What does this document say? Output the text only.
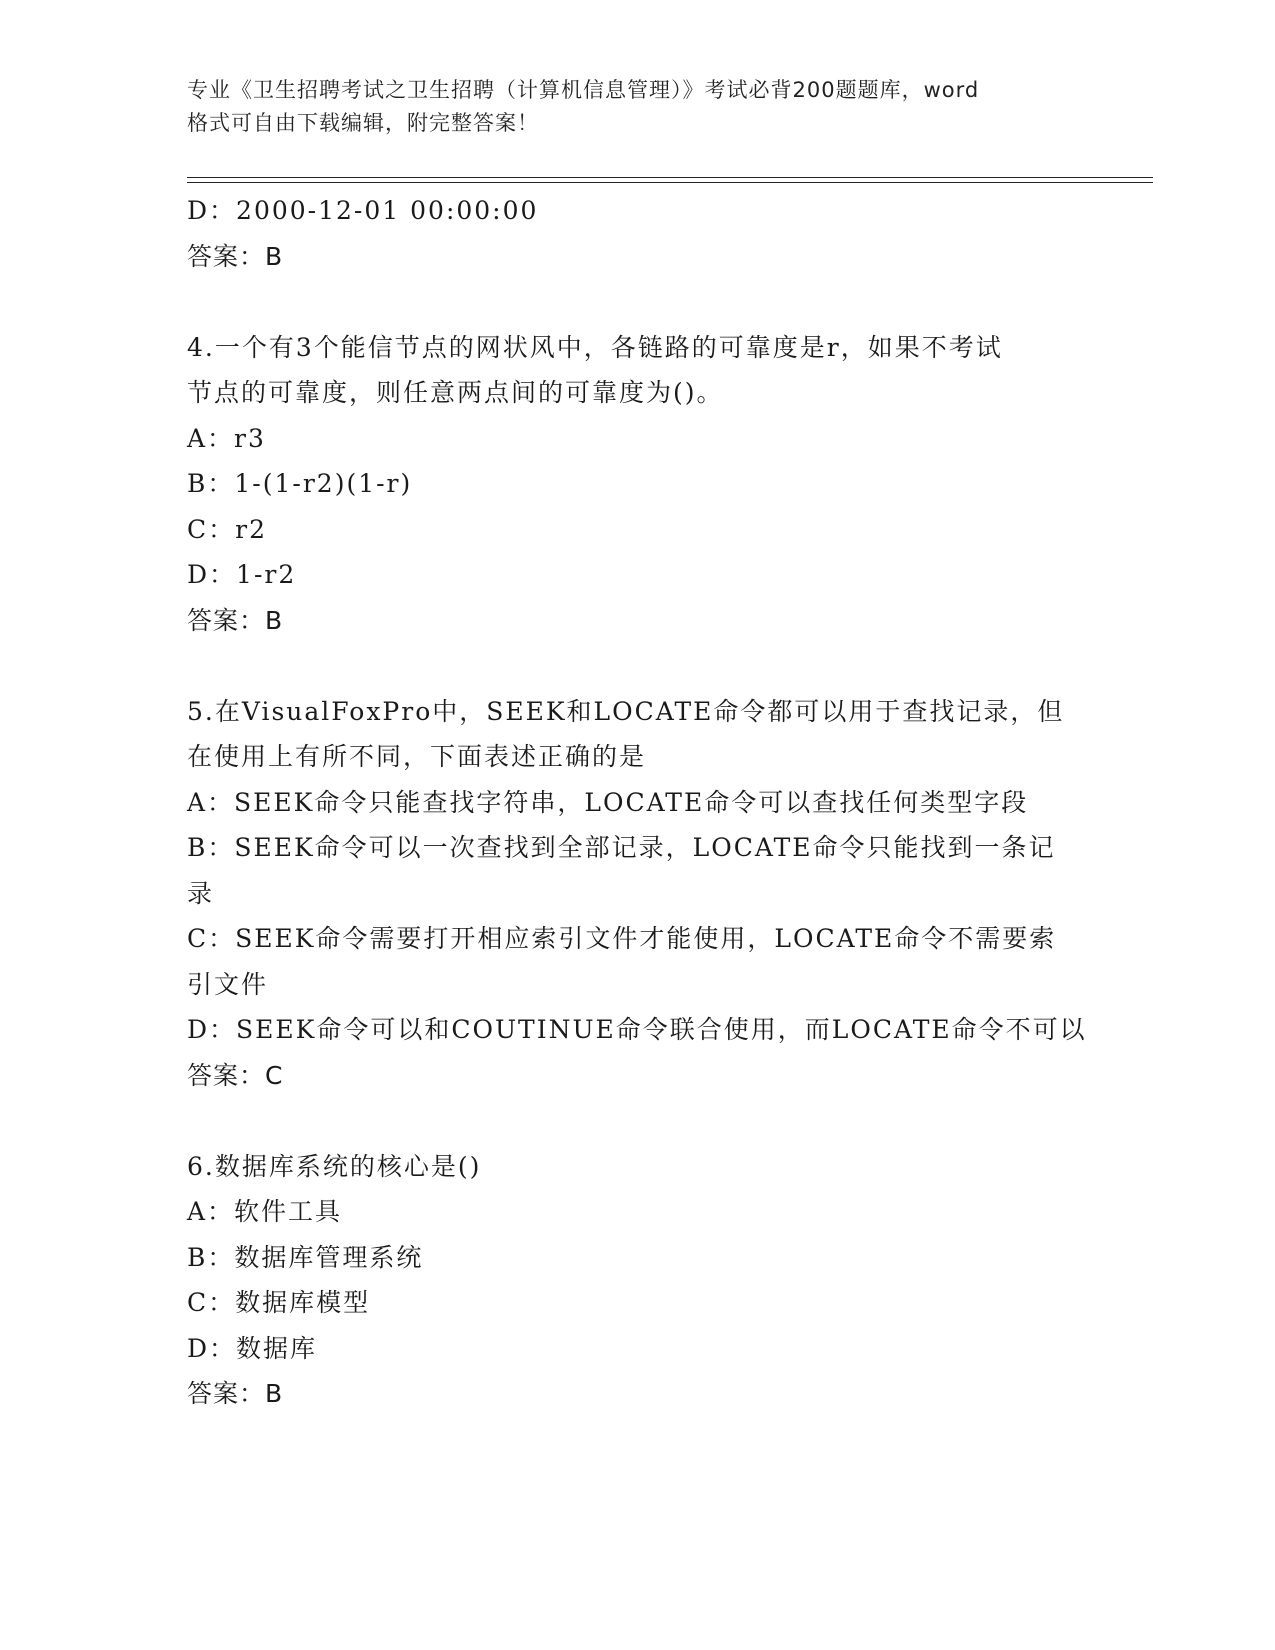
专业《卫生招聘考试之卫生招聘（计算机信息管理）》考试必背200题题库，word
格式可自由下载编辑，附完整答案！
D：2000-12-01 00:00:00
答案：B
4.一个有3个能信节点的网状风中，各链路的可靠度是r，如果不考试
节点的可靠度，则任意两点间的可靠度为()。
A：r3
B：1-(1-r2)(1-r)
C：r2
D：1-r2
答案：B
5.在VisualFoxPro中，SEEK和LOCATE命令都可以用于查找记录，但
在使用上有所不同，下面表述正确的是
A：SEEK命令只能查找字符串，LOCATE命令可以查找任何类型字段
B：SEEK命令可以一次查找到全部记录，LOCATE命令只能找到一条记
录
C：SEEK命令需要打开相应索引文件才能使用，LOCATE命令不需要索
引文件
D：SEEK命令可以和COUTINUE命令联合使用，而LOCATE命令不可以
答案：C
6.数据库系统的核心是()
A：软件工具
B：数据库管理系统
C：数据库模型
D：数据库
答案：B
